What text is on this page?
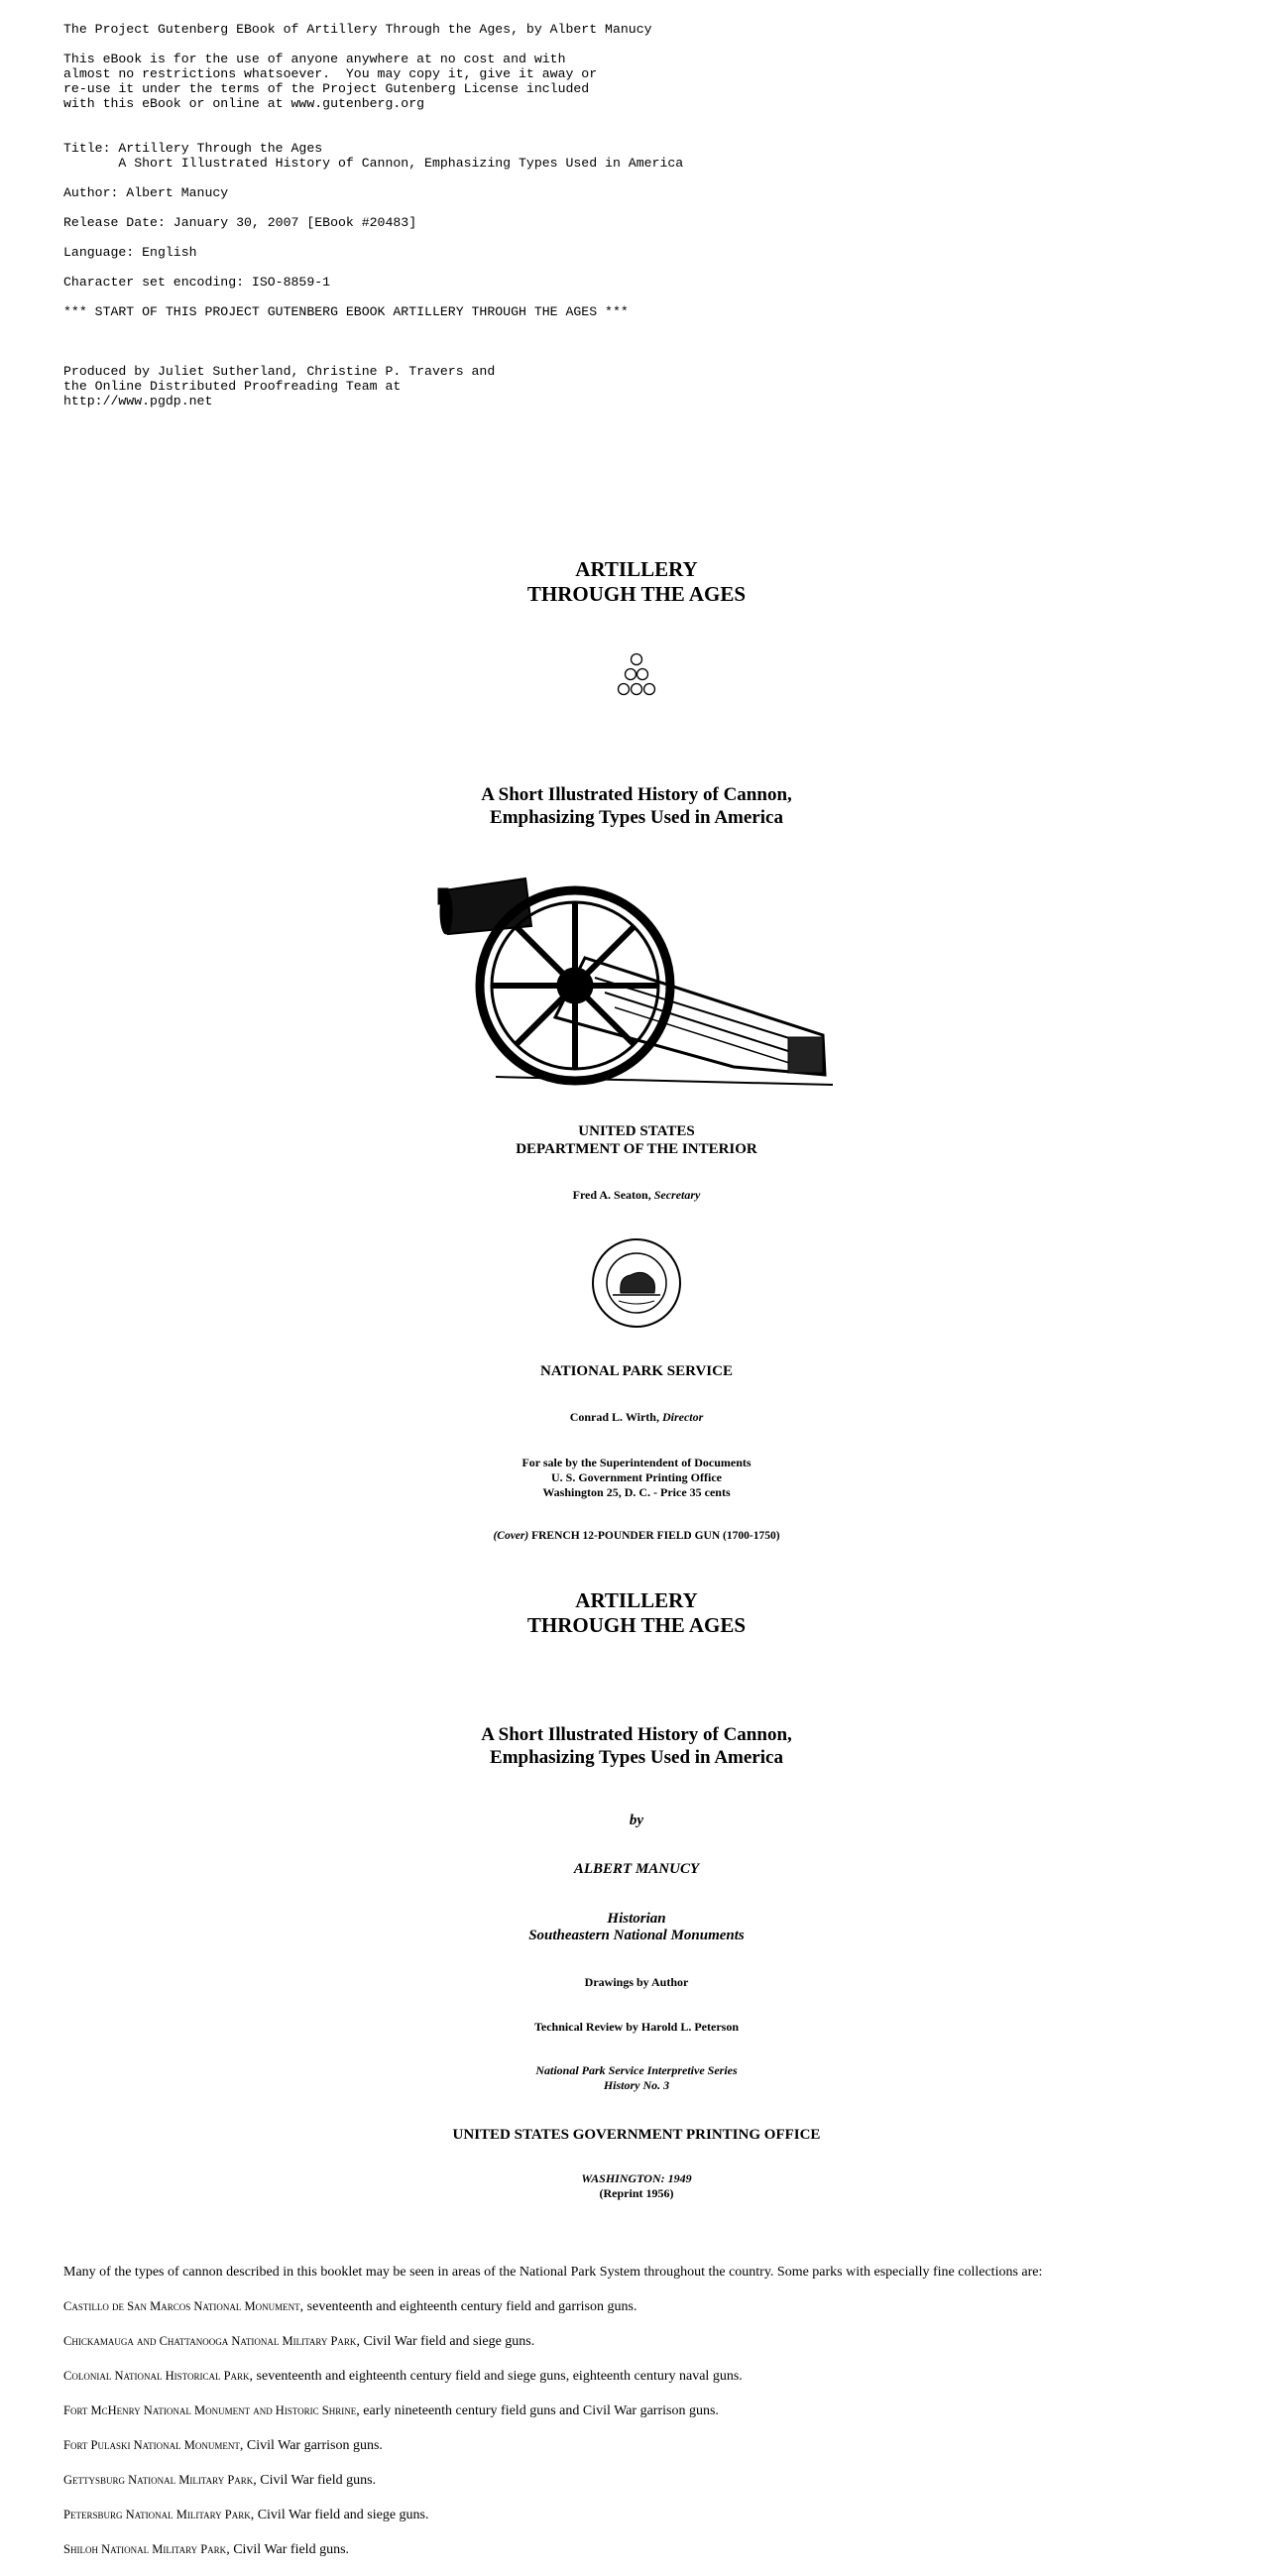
The Project Gutenberg EBook of Artillery Through the Ages, by Albert Manucy

This eBook is for the use of anyone anywhere at no cost and with
almost no restrictions whatsoever.  You may copy it, give it away or
re-use it under the terms of the Project Gutenberg License included
with this eBook or online at www.gutenberg.org

Title: Artillery Through the Ages
A Short Illustrated History of Cannon, Emphasizing Types Used in America

Author: Albert Manucy

Release Date: January 30, 2007 [EBook #20483]

Language: English

Character set encoding: ISO-8859-1

*** START OF THIS PROJECT GUTENBERG EBOOK ARTILLERY THROUGH THE AGES ***

Produced by Juliet Sutherland, Christine P. Travers and
the Online Distributed Proofreading Team at
http://www.pgdp.net
ARTILLERY
THROUGH THE AGES
A Short Illustrated History of Cannon,
Emphasizing Types Used in America
UNITED STATES
DEPARTMENT OF THE INTERIOR
Fred A. Seaton, Secretary
NATIONAL PARK SERVICE
Conrad L. Wirth, Director
For sale by the Superintendent of Documents
U. S. Government Printing Office
Washington 25, D. C. - Price 35 cents
(Cover) FRENCH 12-POUNDER FIELD GUN (1700-1750)
ARTILLERY
THROUGH THE AGES
A Short Illustrated History of Cannon,
Emphasizing Types Used in America
by
ALBERT MANUCY
Historian
Southeastern National Monuments
Drawings by Author
Technical Review by Harold L. Peterson
National Park Service Interpretive Series
History No. 3
UNITED STATES GOVERNMENT PRINTING OFFICE
WASHINGTON: 1949
(Reprint 1956)

Many of the types of cannon described in this booklet may be seen in areas of the National Park System throughout the country. Some parks with especially fine collections are:

Castillo de San Marcos National Monument, seventeenth and eighteenth century field and garrison guns.

Chickamauga and Chattanooga National Military Park, Civil War field and siege guns.

Colonial National Historical Park, seventeenth and eighteenth century field and siege guns, eighteenth century naval guns.

Fort McHenry National Monument and Historic Shrine, early nineteenth century field guns and Civil War garrison guns.

Fort Pulaski National Monument, Civil War garrison guns.

Gettysburg National Military Park, Civil War field guns.

Petersburg National Military Park, Civil War field and siege guns.

Shiloh National Military Park, Civil War field guns.
